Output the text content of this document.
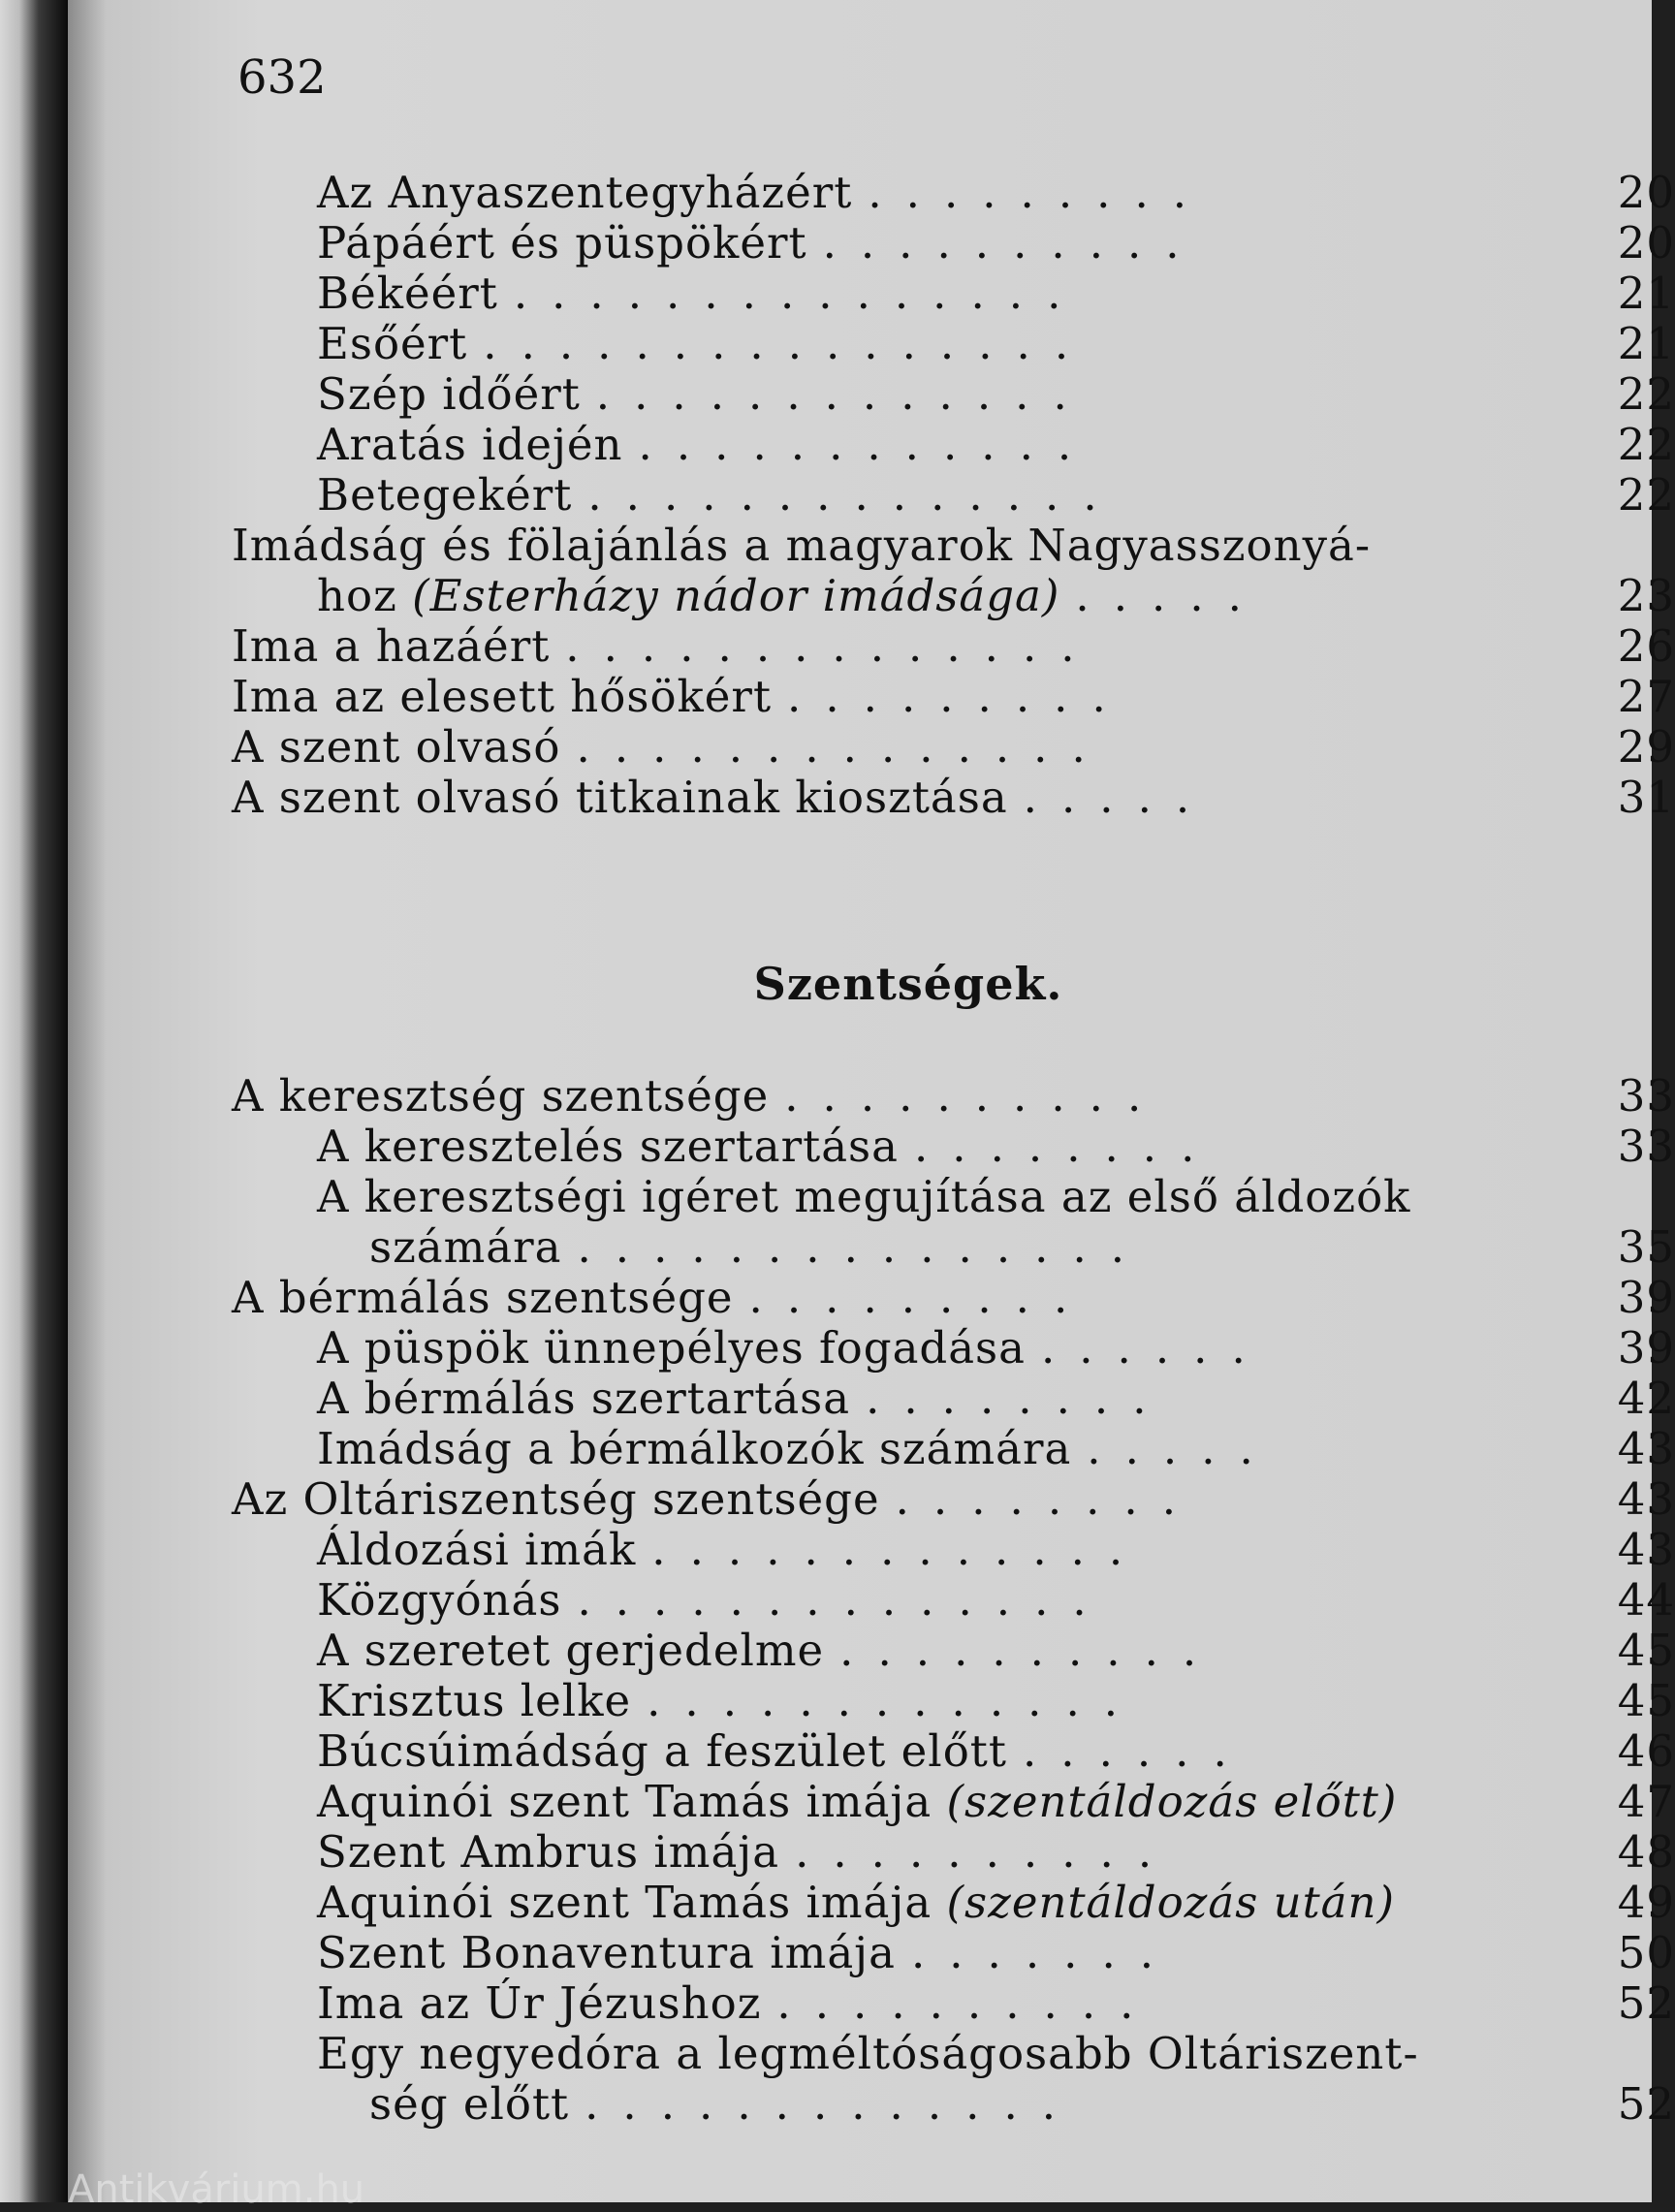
632
Az Anyaszentegyházért .........	20
Pápáért és püspökért ..........	20
Békéért ...............	21
Esőért ................	21
Szép időért .............	22
Aratás idején ............	22
Betegekért ..............	22
Imádság és fölajánlás a magyarok Nagyasszonyá-
hoz (Esterházy nádor imádsága) .....	23
Ima a hazáért ..............	26
Ima az elesett hősökért .........	27
A szent olvasó ..............	29
A szent olvasó titkainak kiosztása .....	31
Szentségek.
A keresztség szentsége ..........	33
A keresztelés szertartása ........	33
A keresztségi igéret megujítása az első áldozók
számára ...............	35
A bérmálás szentsége .........	39
A püspök ünnepélyes fogadása ......	39
A bérmálás szertartása ........	42
Imádság a bérmálkozók számára .....	43
Az Oltáriszentség szentsége ........	43
Áldozási imák .............	43
Közgyónás ..............	44
A szeretet gerjedelme ..........	45
Krisztus lelke .............	45
Búcsúimádság a feszület előtt ......	46
Aquinói szent Tamás imája (szentáldozás előtt)	47
Szent Ambrus imája ..........	48
Aquinói szent Tamás imája (szentáldozás után)	49
Szent Bonaventura imája .......	50
Ima az Úr Jézushoz ..........	52
Egy negyedóra a legméltóságosabb Oltáriszent-
ség előtt .............	52
Antikvárium.hu
